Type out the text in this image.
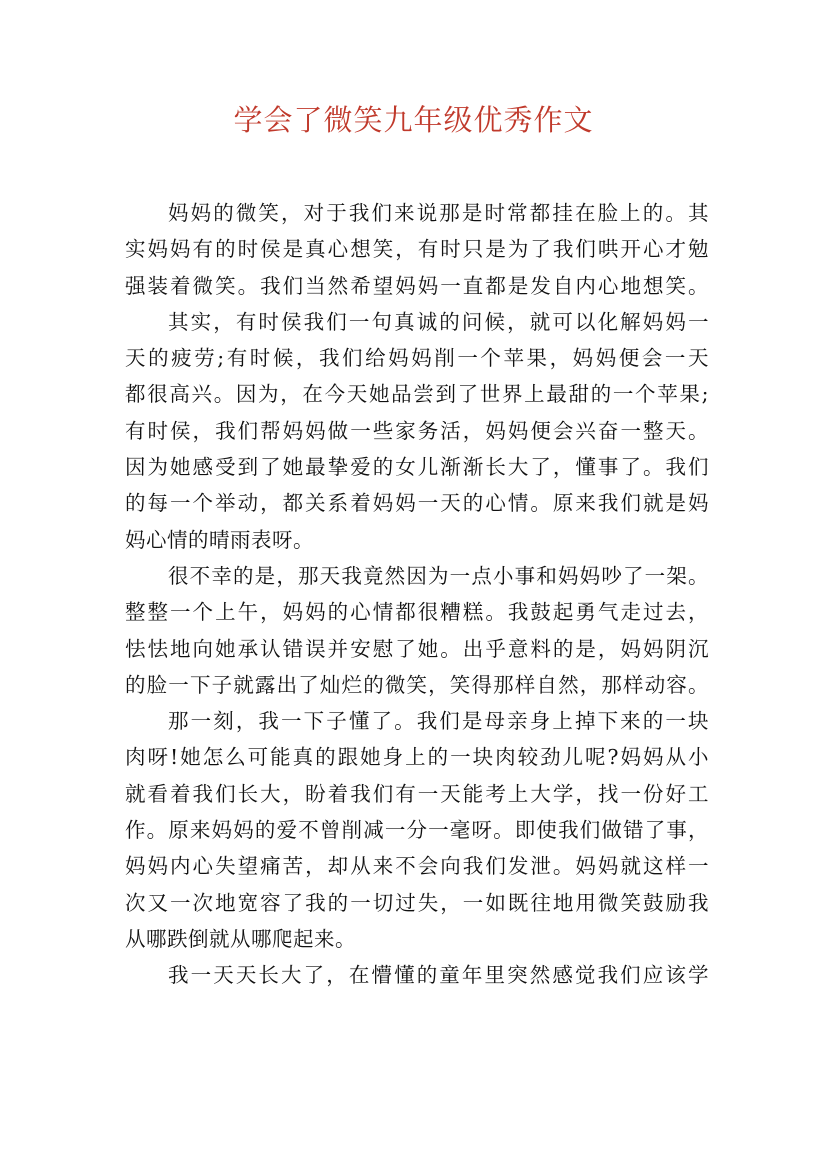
学会了微笑九年级优秀作文
妈妈的微笑，对于我们来说那是时常都挂在脸上的。其
实妈妈有的时侯是真心想笑，有时只是为了我们哄开心才勉
强装着微笑。我们当然希望妈妈一直都是发自内心地想笑。
其实，有时侯我们一句真诚的问候，就可以化解妈妈一
天的疲劳;有时候，我们给妈妈削一个苹果，妈妈便会一天
都很高兴。因为，在今天她品尝到了世界上最甜的一个苹果;
有时侯，我们帮妈妈做一些家务活，妈妈便会兴奋一整天。
因为她感受到了她最挚爱的女儿渐渐长大了，懂事了。我们
的每一个举动，都关系着妈妈一天的心情。原来我们就是妈
妈心情的晴雨表呀。
很不幸的是，那天我竟然因为一点小事和妈妈吵了一架。
整整一个上午，妈妈的心情都很糟糕。我鼓起勇气走过去，
怯怯地向她承认错误并安慰了她。出乎意料的是，妈妈阴沉
的脸一下子就露出了灿烂的微笑，笑得那样自然，那样动容。
那一刻，我一下子懂了。我们是母亲身上掉下来的一块
肉呀!她怎么可能真的跟她身上的一块肉较劲儿呢?妈妈从小
就看着我们长大，盼着我们有一天能考上大学，找一份好工
作。原来妈妈的爱不曾削减一分一毫呀。即使我们做错了事，
妈妈内心失望痛苦，却从来不会向我们发泄。妈妈就这样一
次又一次地宽容了我的一切过失，一如既往地用微笑鼓励我
从哪跌倒就从哪爬起来。
我一天天长大了，在懵懂的童年里突然感觉我们应该学
